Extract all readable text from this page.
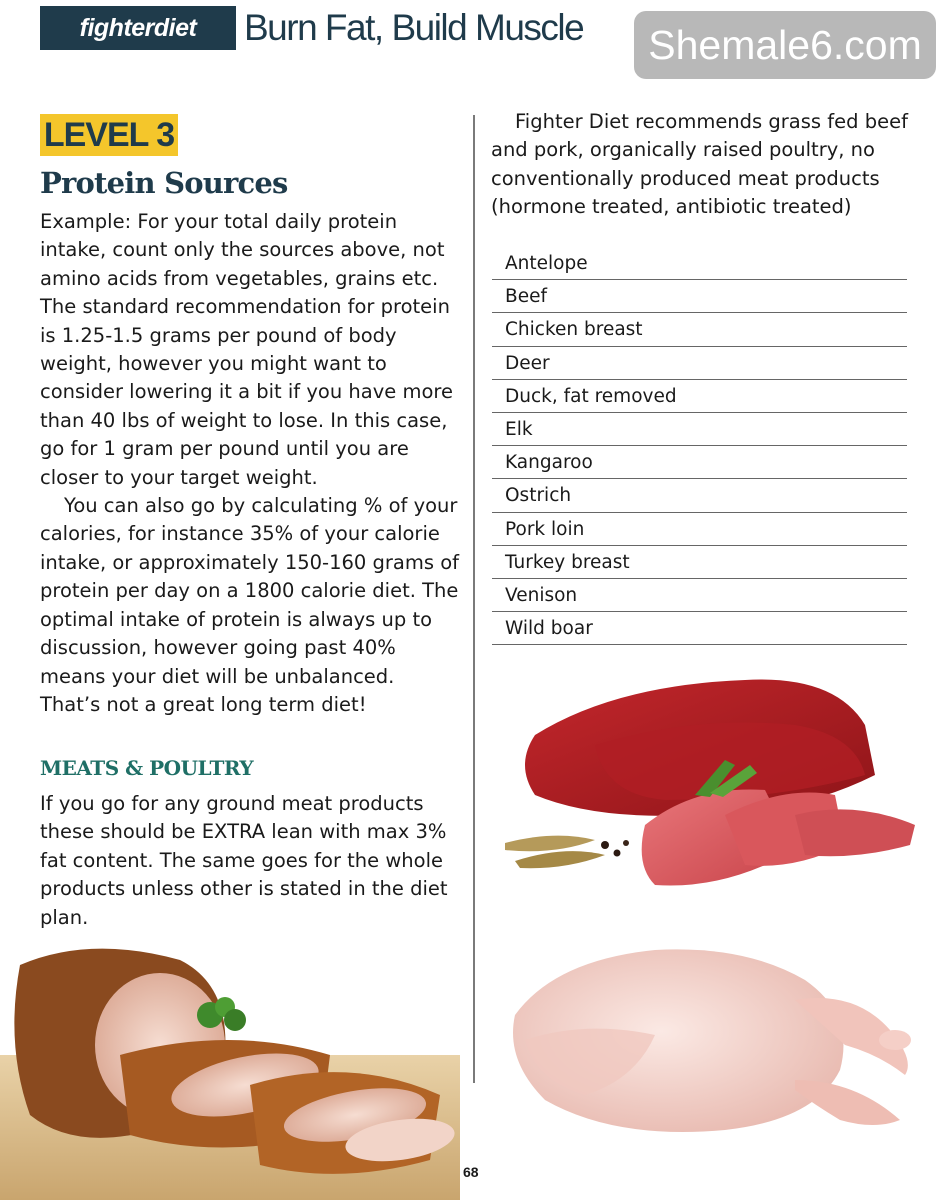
fighterdiet	Burn Fat, Build Muscle	Shemale6.com
LEVEL 3
Protein Sources

Example: For your total daily protein intake, count only the sources above, not amino acids from vegetables, grains etc. The standard recommendation for protein is 1.25-1.5 grams per pound of body weight, however you might want to consider lowering it a bit if you have more than 40 lbs of weight to lose. In this case, go for 1 gram per pound until you are closer to your target weight.

You can also go by calculating % of your calories, for instance 35% of your calorie intake, or approximately 150-160 grams of protein per day on a 1800 calorie diet. The optimal intake of protein is always up to discussion, however going past 40% means your diet will be unbalanced. That’s not a great long term diet!

MEATS & POULTRY

If you go for any ground meat products these should be EXTRA lean with max 3% fat content. The same goes for the whole products unless other is stated in the diet plan.

Fighter Diet recommends grass fed beef and pork, organically raised poultry, no conventionally produced meat products (hormone treated, antibiotic treated)
Antelope
Beef
Chicken breast
Deer
Duck, fat removed
Elk
Kangaroo
Ostrich
Pork loin
Turkey breast
Venison
Wild boar
68
